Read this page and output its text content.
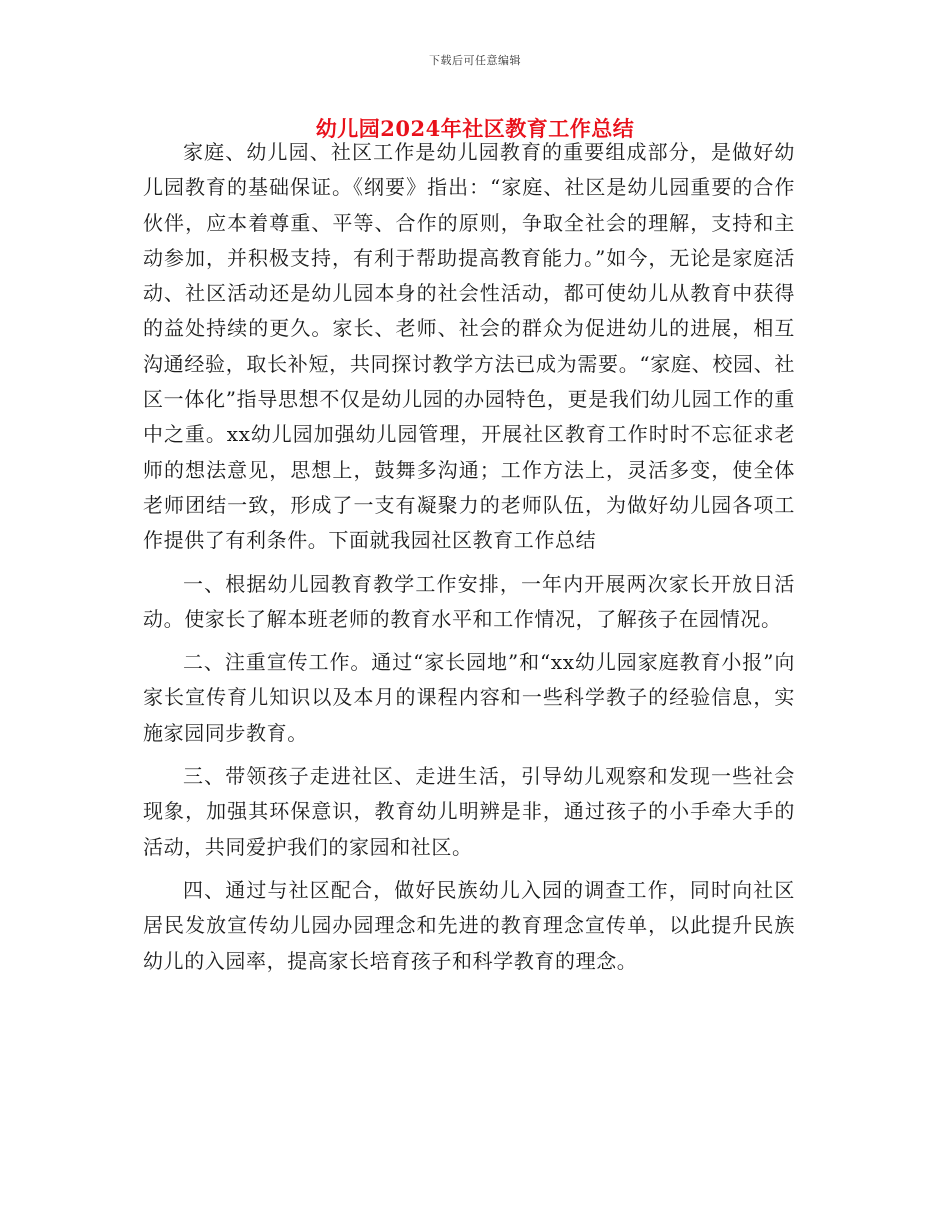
下载后可任意编辑
幼儿园2024年社区教育工作总结

家庭、幼儿园、社区工作是幼儿园教育的重要组成部分，是做好幼儿园教育的基础保证。《纲要》指出：“家庭、社区是幼儿园重要的合作伙伴，应本着尊重、平等、合作的原则，争取全社会的理解，支持和主动参加，并积极支持，有利于帮助提高教育能力。”如今，无论是家庭活动、社区活动还是幼儿园本身的社会性活动，都可使幼儿从教育中获得的益处持续的更久。家长、老师、社会的群众为促进幼儿的进展，相互沟通经验，取长补短，共同探讨教学方法已成为需要。“家庭、校园、社区一体化”指导思想不仅是幼儿园的办园特色，更是我们幼儿园工作的重中之重。xx幼儿园加强幼儿园管理，开展社区教育工作时时不忘征求老师的想法意见，思想上，鼓舞多沟通；工作方法上，灵活多变，使全体老师团结一致，形成了一支有凝聚力的老师队伍，为做好幼儿园各项工作提供了有利条件。下面就我园社区教育工作总结

一、根据幼儿园教育教学工作安排，一年内开展两次家长开放日活动。使家长了解本班老师的教育水平和工作情况，了解孩子在园情况。

二、注重宣传工作。通过“家长园地”和“xx幼儿园家庭教育小报”向家长宣传育儿知识以及本月的课程内容和一些科学教子的经验信息，实施家园同步教育。

三、带领孩子走进社区、走进生活，引导幼儿观察和发现一些社会现象，加强其环保意识，教育幼儿明辨是非，通过孩子的小手牵大手的活动，共同爱护我们的家园和社区。

四、通过与社区配合，做好民族幼儿入园的调查工作，同时向社区居民发放宣传幼儿园办园理念和先进的教育理念宣传单，以此提升民族幼儿的入园率，提高家长培育孩子和科学教育的理念。
